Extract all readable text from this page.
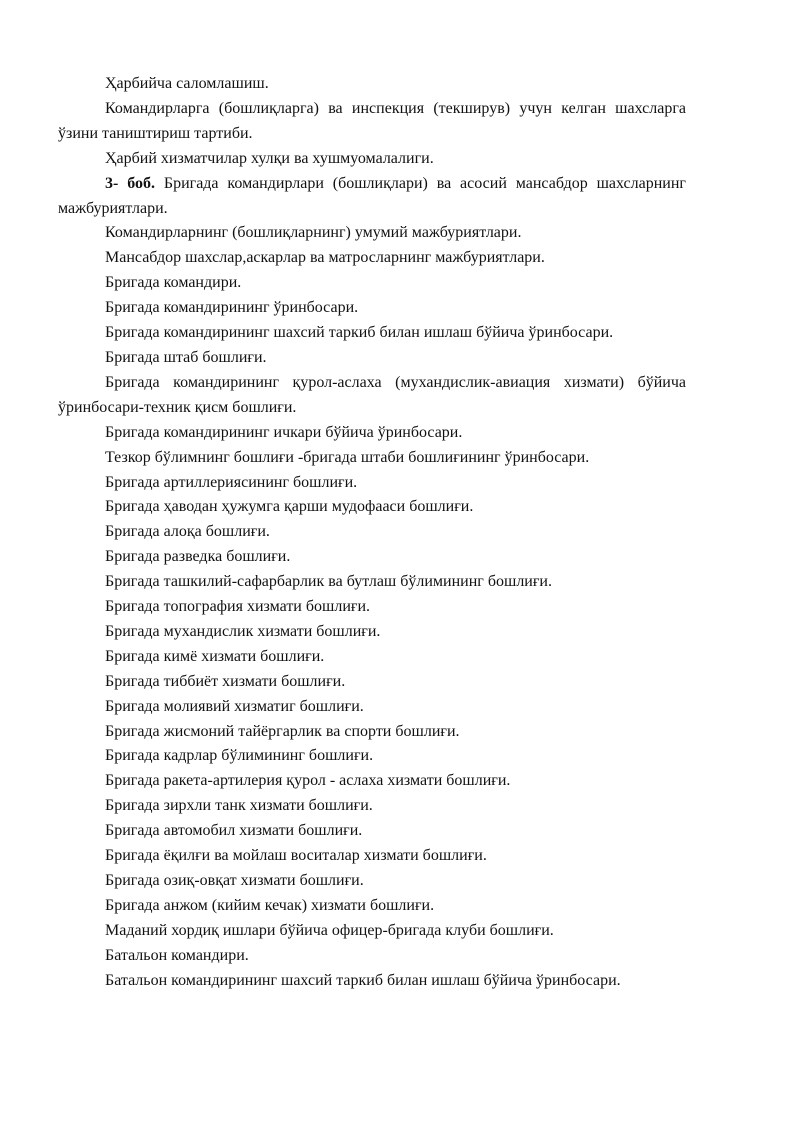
Ҳарбийча саломлашиш.

Командирларга (бошлиқларга) ва инспекция (текширув) учун келган шахсларга ўзини таништириш тартиби.

Ҳарбий хизматчилар хулқи ва хушмуомалалиги.

3- боб. Бригада командирлари (бошлиқлари) ва асосий мансабдор шахсларнинг мажбуриятлари.

Командирларнинг (бошлиқларнинг) умумий мажбуриятлари.

Мансабдор шахслар,аскарлар ва матросларнинг мажбуриятлари.

Бригада командири.

Бригада командирининг ўринбосари.

Бригада командирининг шахсий таркиб билан ишлаш бўйича ўринбосари.

Бригада штаб бошлиғи.

Бригада командирининг қурол-аслаха (мухандислик-авиация хизмати) бўйича ўринбосари-техник қисм бошлиғи.

Бригада командирининг ичкари бўйича ўринбосари.

Тезкор бўлимнинг бошлиғи -бригада штаби бошлиғининг ўринбосари.

Бригада артиллериясининг бошлиғи.

Бригада ҳаводан ҳужумга қарши мудофааси бошлиғи.

Бригада алоқа бошлиғи.

Бригада разведка бошлиғи.

Бригада ташкилий-сафарбарлик ва бутлаш бўлимининг бошлиғи.

Бригада топография хизмати бошлиғи.

Бригада мухандислик хизмати бошлиғи.

Бригада кимё хизмати бошлиғи.

Бригада тиббиёт хизмати бошлиғи.

Бригада молиявий хизматиг бошлиғи.

Бригада жисмоний тайёргарлик ва спорти бошлиғи.

Бригада кадрлар бўлимининг бошлиғи.

Бригада ракета-артилерия қурол - аслаха хизмати бошлиғи.

Бригада зирхли танк хизмати бошлиғи.

Бригада автомобил хизмати бошлиғи.

Бригада ёқилғи ва мойлаш воситалар хизмати бошлиғи.

Бригада озиқ-овқат хизмати бошлиғи.

Бригада анжом (кийим кечак) хизмати бошлиғи.

Маданий хордиқ ишлари бўйича офицер-бригада клуби бошлиғи.

Батальон командири.

Батальон командирининг шахсий таркиб билан ишлаш бўйича ўринбосари.
